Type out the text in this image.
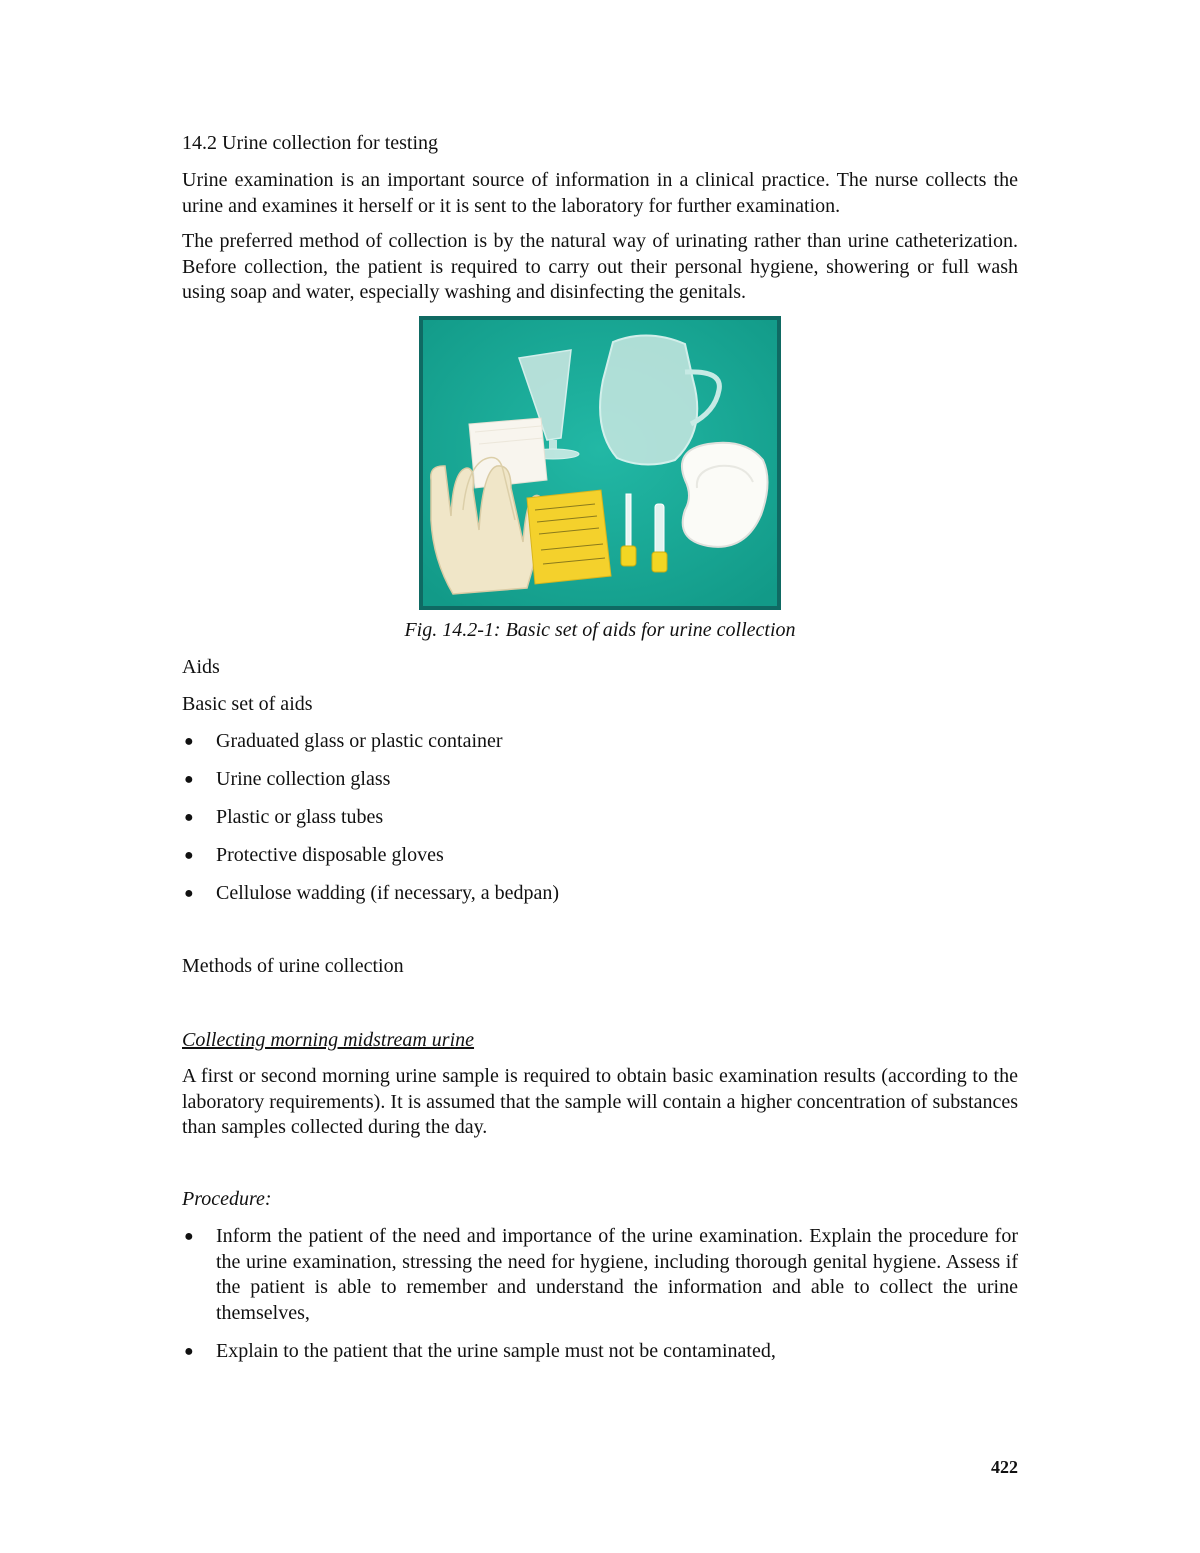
14.2 Urine collection for testing

Urine examination is an important source of information in a clinical practice. The nurse collects the urine and examines it herself or it is sent to the laboratory for further examination.

The preferred method of collection is by the natural way of urinating rather than urine catheterization. Before collection, the patient is required to carry out their personal hygiene, showering or full wash using soap and water, especially washing and disinfecting the genitals.

Fig. 14.2-1: Basic set of aids for urine collection

Aids

Basic set of aids

● Graduated glass or plastic container
● Urine collection glass
● Plastic or glass tubes
● Protective disposable gloves
● Cellulose wadding (if necessary, a bedpan)

Methods of urine collection

Collecting morning midstream urine

A first or second morning urine sample is required to obtain basic examination results (according to the laboratory requirements). It is assumed that the sample will contain a higher concentration of substances than samples collected during the day.

Procedure:

● Inform the patient of the need and importance of the urine examination. Explain the procedure for the urine examination, stressing the need for hygiene, including thorough genital hygiene. Assess if the patient is able to remember and understand the information and able to collect the urine themselves,
● Explain to the patient that the urine sample must not be contaminated,

422
